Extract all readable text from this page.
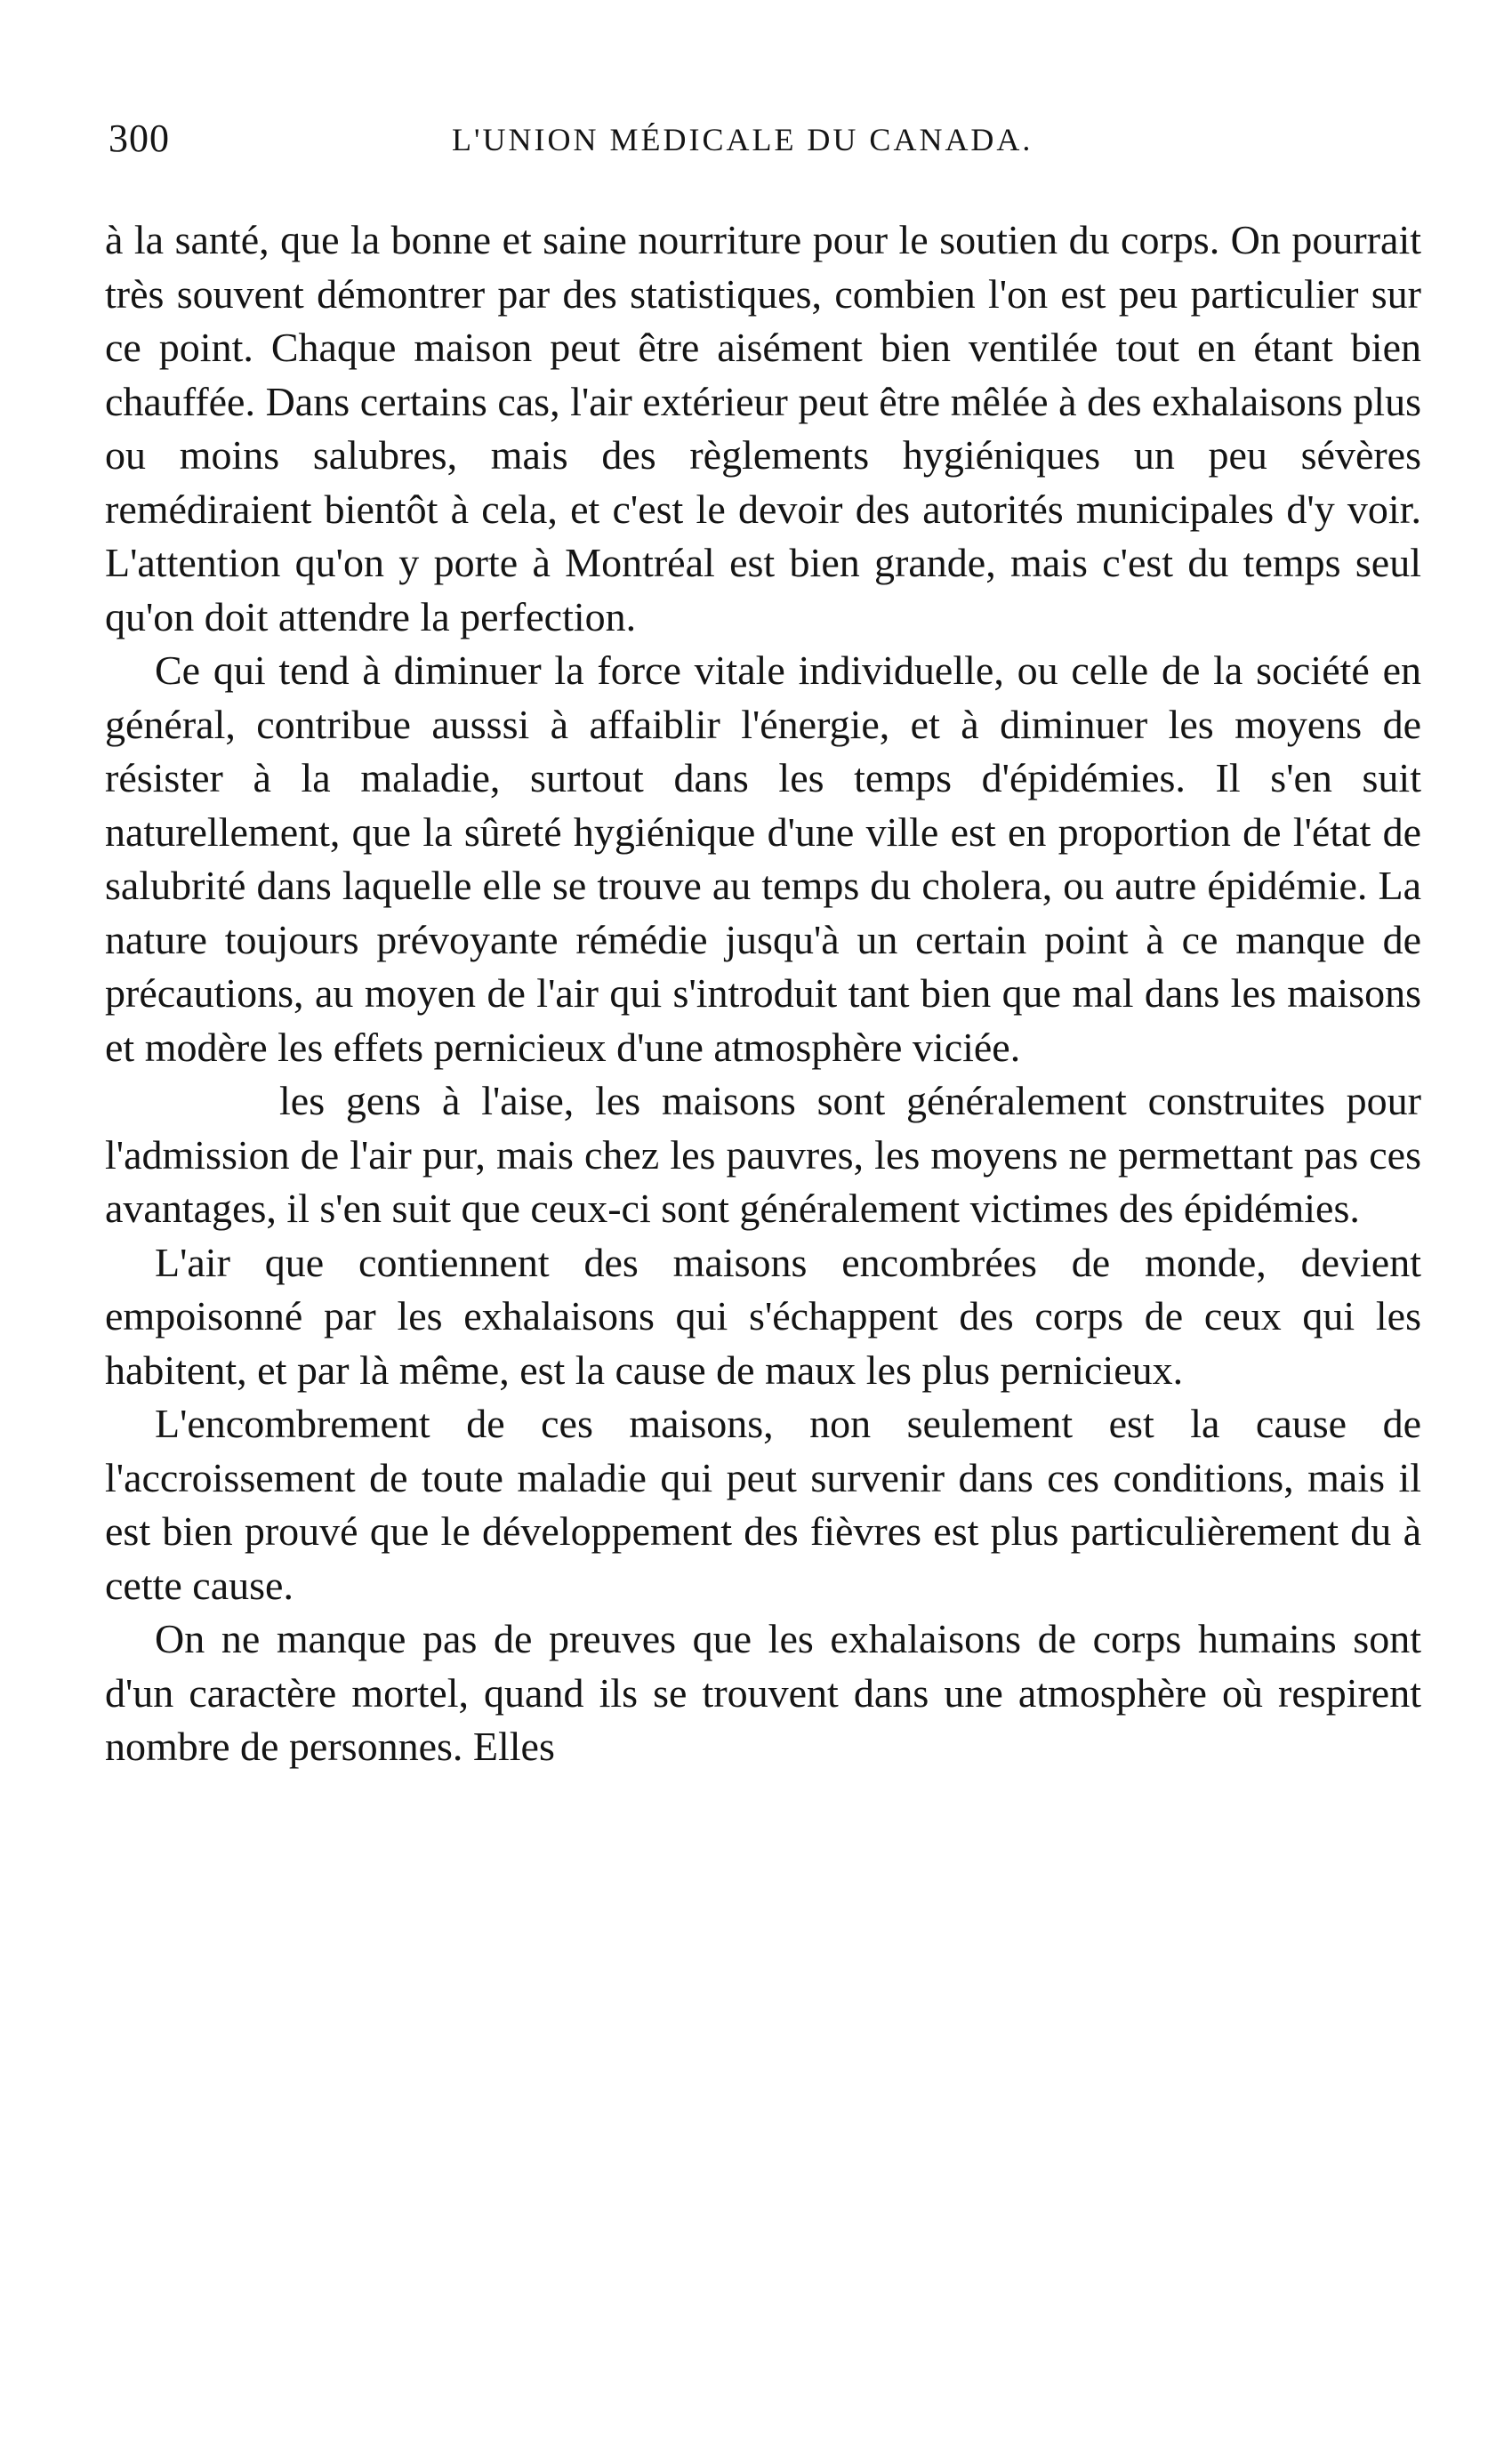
300	L'UNION MÉDICALE DU CANADA.

à la santé, que la bonne et saine nourriture pour le soutien du corps. On pourrait très souvent démontrer par des statistiques, combien l'on est peu particulier sur ce point. Chaque maison peut être aisément bien ventilée tout en étant bien chauffée. Dans certains cas, l'air extérieur peut être mêlée à des exhalaisons plus ou moins salubres, mais des règlements hygiéniques un peu sévères remédiraient bientôt à cela, et c'est le devoir des autorités municipales d'y voir. L'attention qu'on y porte à Montréal est bien grande, mais c'est du temps seul qu'on doit attendre la perfection.

Ce qui tend à diminuer la force vitale individuelle, ou celle de la société en général, contribue ausssi à affaiblir l'énergie, et à diminuer les moyens de résister à la maladie, surtout dans les temps d'épidémies. Il s'en suit naturellement, que la sûreté hygiénique d'une ville est en proportion de l'état de salubrité dans laquelle elle se trouve au temps du cholera, ou autre épidémie. La nature toujours prévoyante rémédie jusqu'à un certain point à ce manque de précautions, au moyen de l'air qui s'introduit tant bien que mal dans les maisons et modère les effets pernicieux d'une atmosphère viciée.

les gens à l'aise, les maisons sont généralement construites pour l'admission de l'air pur, mais chez les pauvres, les moyens ne permettant pas ces avantages, il s'en suit que ceux-ci sont généralement victimes des épidémies.

L'air que contiennent des maisons encombrées de monde, devient empoisonné par les exhalaisons qui s'échappent des corps de ceux qui les habitent, et par là même, est la cause de maux les plus pernicieux.

L'encombrement de ces maisons, non seulement est la cause de l'accroissement de toute maladie qui peut survenir dans ces conditions, mais il est bien prouvé que le développement des fièvres est plus particulièrement du à cette cause.

On ne manque pas de preuves que les exhalaisons de corps humains sont d'un caractère mortel, quand ils se trouvent dans une atmosphère où respirent nombre de personnes. Elles
